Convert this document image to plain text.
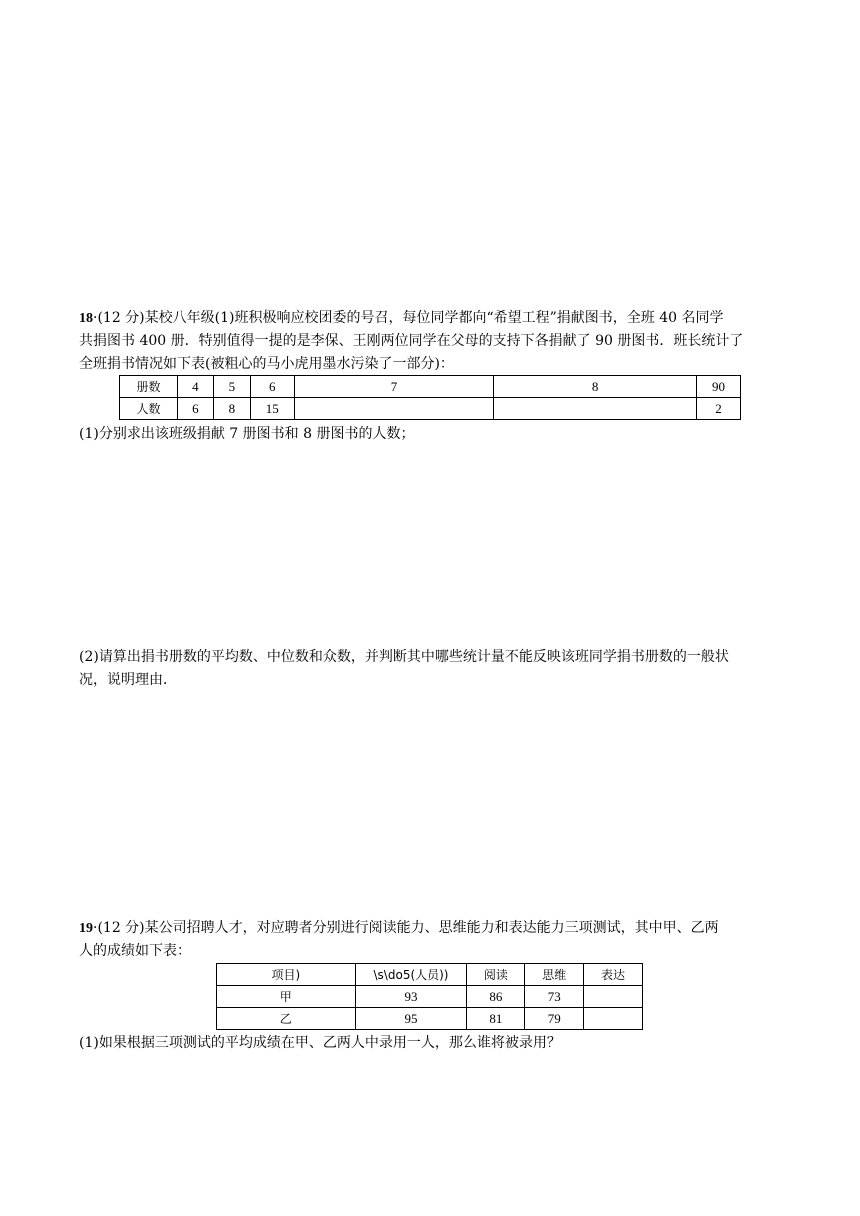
18·(12 分)某校八年级(1)班积极响应校团委的号召，每位同学都向“希望工程”捐献图书，全班 40 名同学
共捐图书 400 册．特别值得一提的是李保、王刚两位同学在父母的支持下各捐献了 90 册图书．班长统计了
全班捐书情况如下表(被粗心的马小虎用墨水污染了一部分)：
册数	4	5	6	7	8	90
人数	6	8	15			2
(1)分别求出该班级捐献 7 册图书和 8 册图书的人数；
(2)请算出捐书册数的平均数、中位数和众数，并判断其中哪些统计量不能反映该班同学捐书册数的一般状
况，说明理由．
19·(12 分)某公司招聘人才，对应聘者分别进行阅读能力、思维能力和表达能力三项测试，其中甲、乙两
人的成绩如下表：
项目)	\s\do5(人员))	阅读	思维	表达
甲	93	86	73	
乙	95	81	79	
(1)如果根据三项测试的平均成绩在甲、乙两人中录用一人，那么谁将被录用？
